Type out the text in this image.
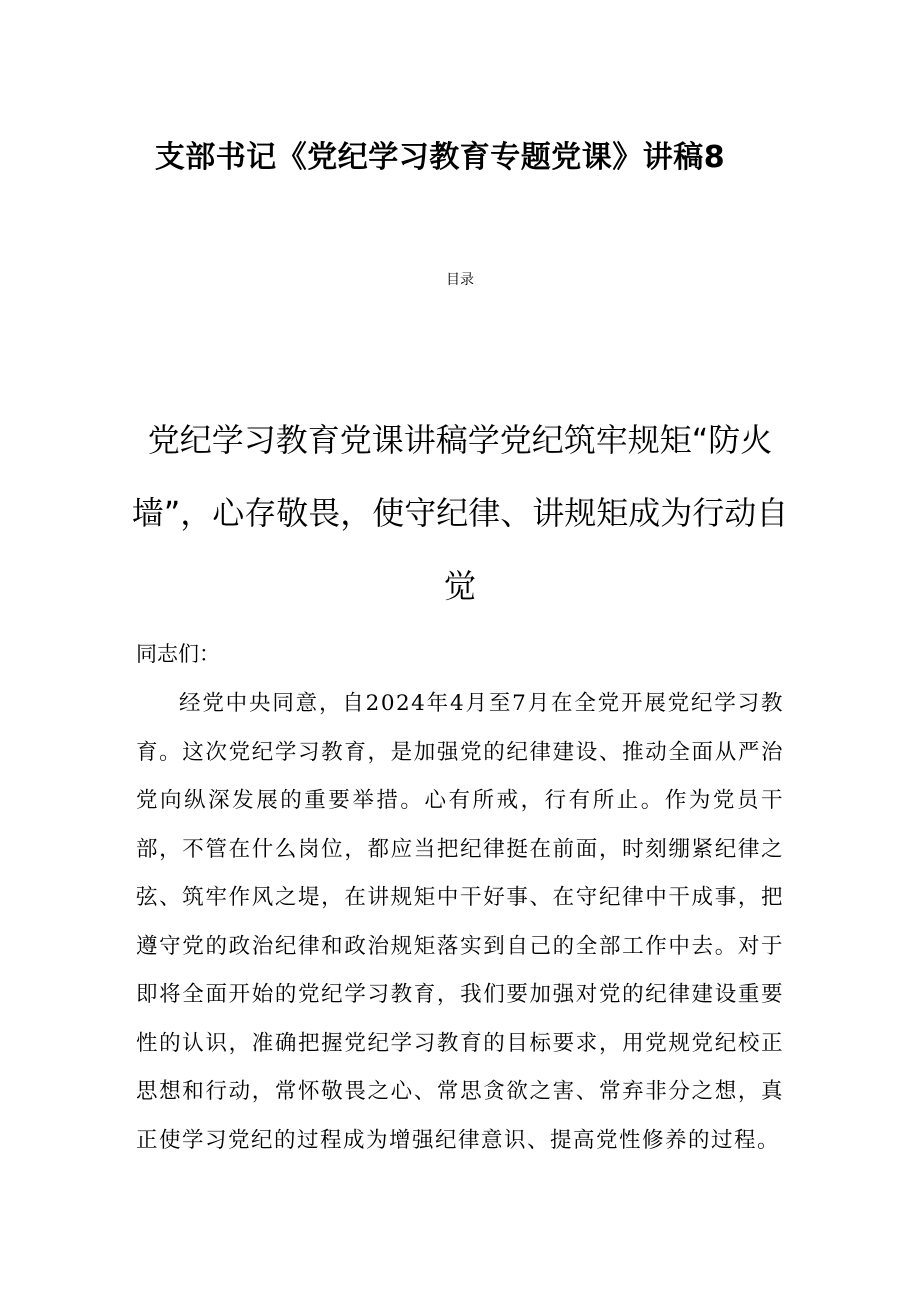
支部书记《党纪学习教育专题党课》讲稿8
目录
党纪学习教育党课讲稿学党纪筑牢规矩“防火墙”，心存敬畏，使守纪律、讲规矩成为行动自觉
同志们：

经党中央同意，自2024年4月至7月在全党开展党纪学习教育。这次党纪学习教育，是加强党的纪律建设、推动全面从严治党向纵深发展的重要举措。心有所戒，行有所止。作为党员干部，不管在什么岗位，都应当把纪律挺在前面，时刻绷紧纪律之弦、筑牢作风之堤，在讲规矩中干好事、在守纪律中干成事，把遵守党的政治纪律和政治规矩落实到自己的全部工作中去。对于即将全面开始的党纪学习教育，我们要加强对党的纪律建设重要性的认识，准确把握党纪学习教育的目标要求，用党规党纪校正思想和行动，常怀敬畏之心、常思贪欲之害、常弃非分之想，真正使学习党纪的过程成为增强纪律意识、提高党性修养的过程。
